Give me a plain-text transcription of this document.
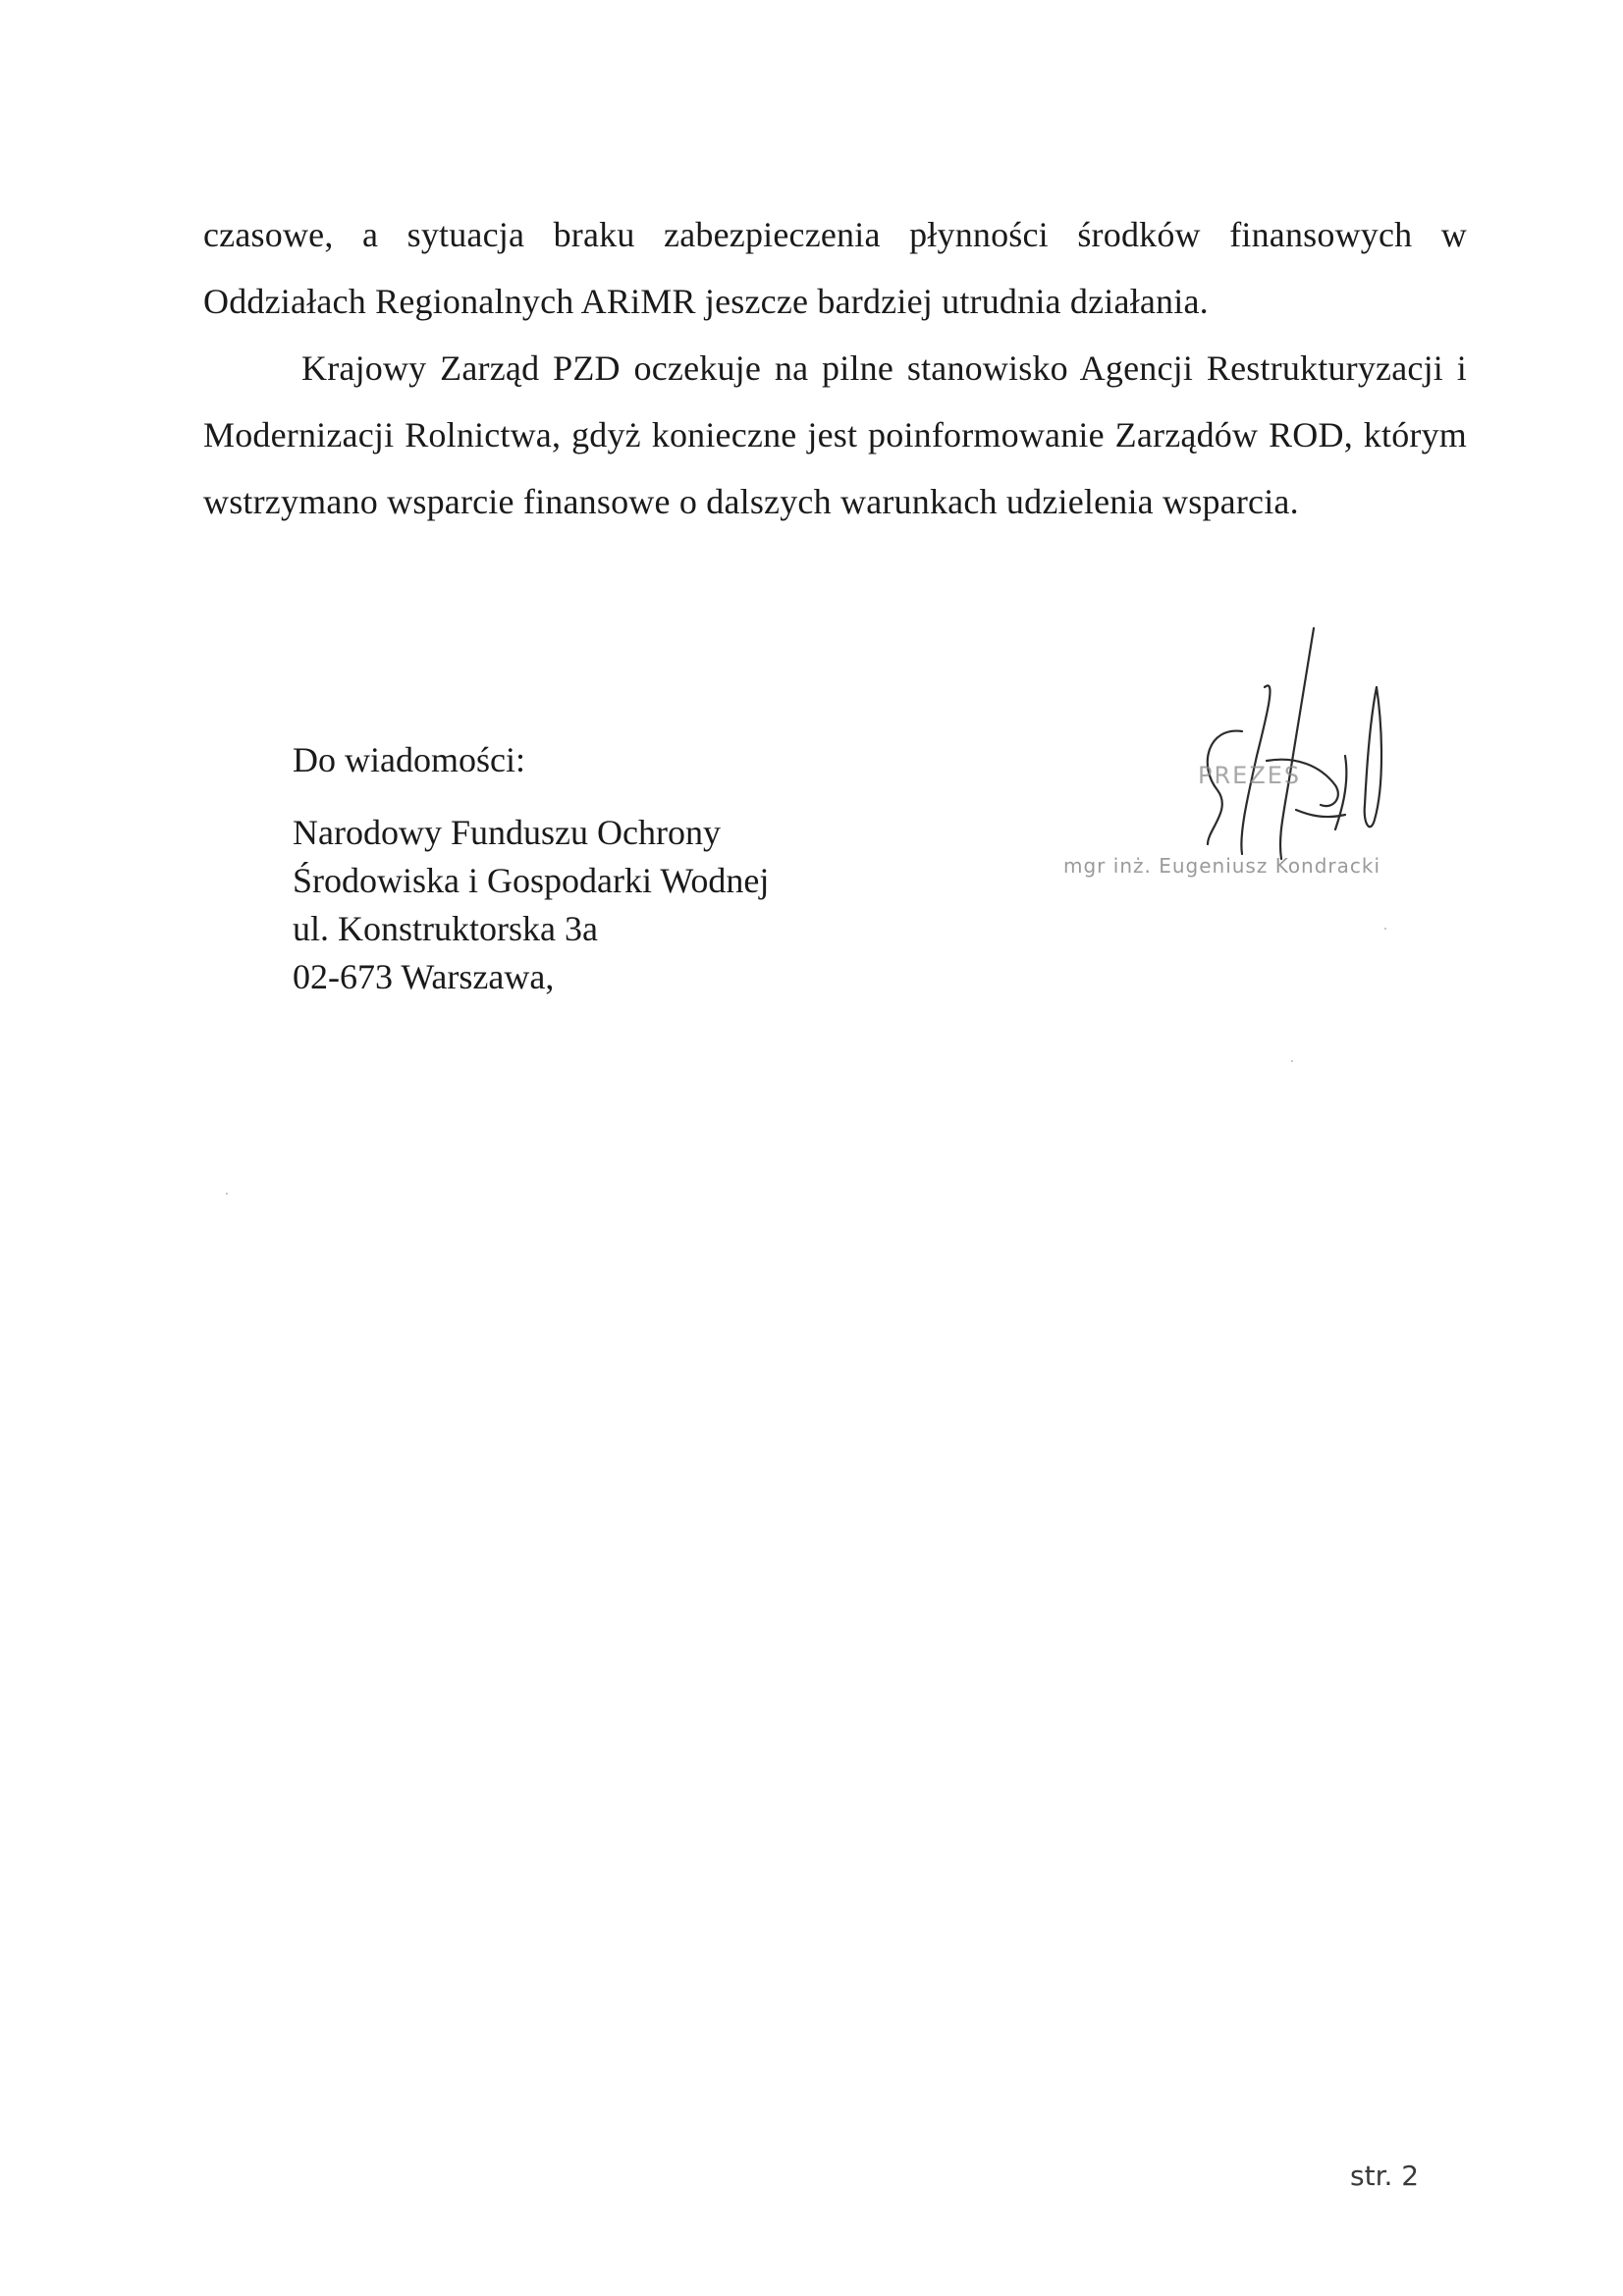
czasowe, a sytuacja braku zabezpieczenia płynności środków finansowych w Oddziałach Regionalnych ARiMR jeszcze bardziej utrudnia działania.

Krajowy Zarząd PZD oczekuje na pilne stanowisko Agencji Restrukturyzacji i Modernizacji Rolnictwa, gdyż konieczne jest poinformowanie Zarządów ROD, którym wstrzymano wsparcie finansowe o dalszych warunkach udzielenia wsparcia.

Do wiadomości:

Narodowy Funduszu Ochrony
Środowiska i Gospodarki Wodnej
ul. Konstruktorska 3a
02-673 Warszawa,
PREZES
mgr inż. Eugeniusz Kondracki
str. 2
